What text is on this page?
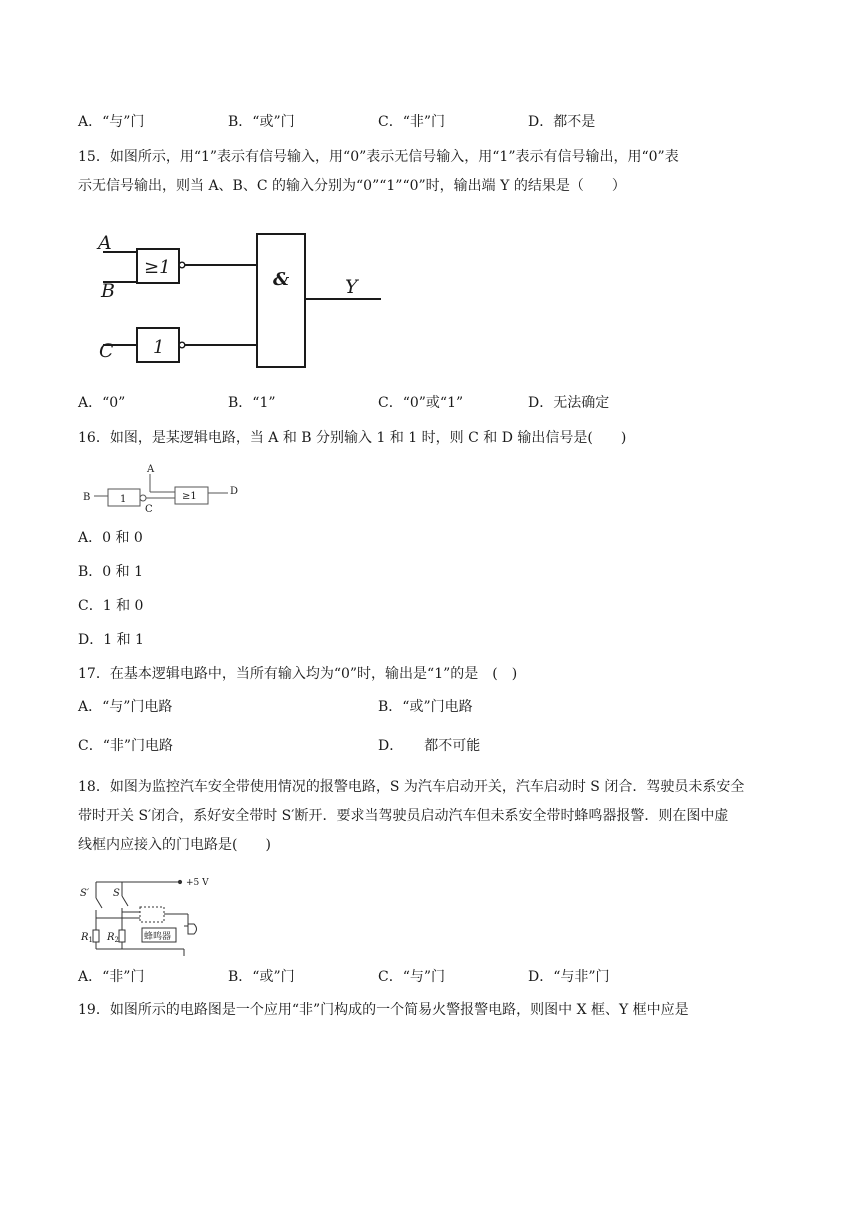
A．“与”门	B．“或”门	C．“非”门	D．都不是
15．如图所示，用“1”表示有信号输入，用“0”表示无信号输入，用“1”表示有信号输出，用“0”表
示无信号输出，则当 A、B、C 的输入分别为“0”“1”“0”时，输出端 Y 的结果是（　　）
A
B
C
≥1
1
&	Y
A．“0”	B．“1”	C．“0”或“1”	D．无法确定
16．如图，是某逻辑电路，当 A 和 B 分别输入 1 和 1 时，则 C 和 D 输出信号是(　　)
B
A
1
C
≥1	D
A．0 和 0
B．0 和 1
C．1 和 0
D．1 和 1
17．在基本逻辑电路中，当所有输入均为“0”时，输出是“1”的是　(　)
A．“与”门电路	B．“或”门电路
C．“非”门电路	D．　　都不可能
18．如图为监控汽车安全带使用情况的报警电路，S 为汽车启动开关，汽车启动时 S 闭合．驾驶员未系安全
带时开关 S′闭合，系好安全带时 S′断开．要求当驾驶员启动汽车但未系安全带时蜂鸣器报警．则在图中虚
线框内应接入的门电路是(　　)
S′ S
+5 V
$R_1$ $R_2$	蜂鸣器
A．“非”门	B．“或”门	C．“与”门	D．“与非”门
19．如图所示的电路图是一个应用“非”门构成的一个简易火警报警电路，则图中 X 框、Y 框中应是
